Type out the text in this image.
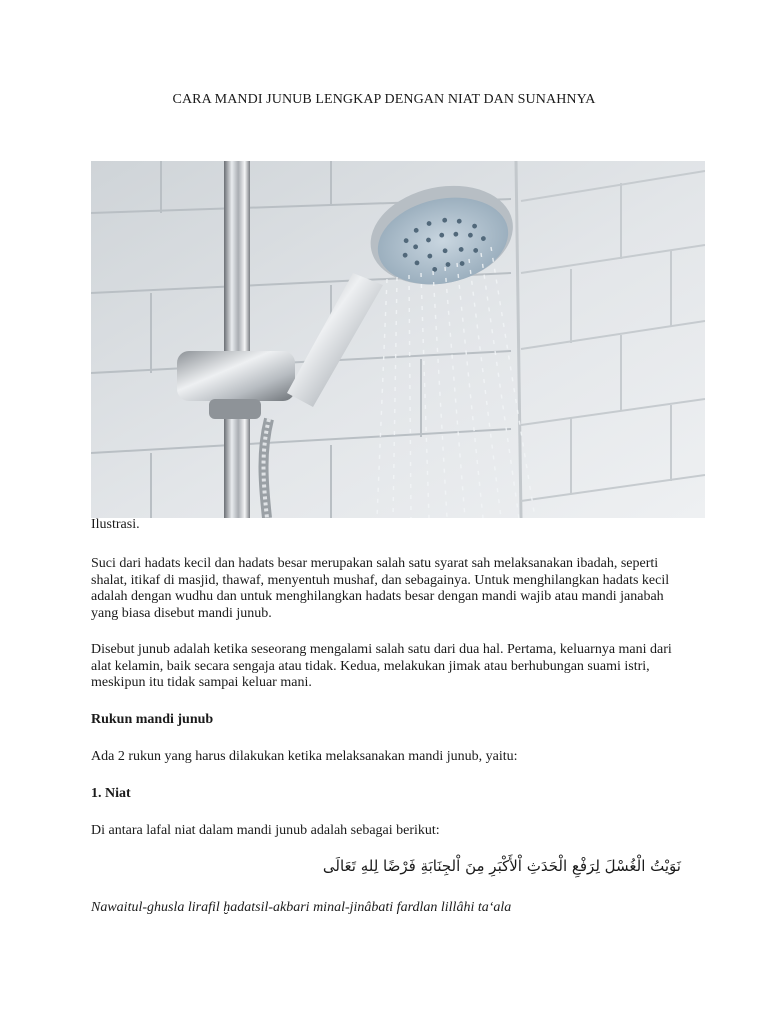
CARA MANDI JUNUB LENGKAP DENGAN NIAT DAN SUNAHNYA

Ilustrasi.

Suci dari hadats kecil dan hadats besar merupakan salah satu syarat sah melaksanakan ibadah, seperti shalat, itikaf di masjid, thawaf, menyentuh mushaf, dan sebagainya. Untuk menghilangkan hadats kecil adalah dengan wudhu dan untuk menghilangkan hadats besar dengan mandi wajib atau mandi janabah yang biasa disebut mandi junub.

Disebut junub adalah ketika seseorang mengalami salah satu dari dua hal. Pertama, keluarnya mani dari alat kelamin, baik secara sengaja atau tidak. Kedua, melakukan jimak atau berhubungan suami istri, meskipun itu tidak sampai keluar mani.

Rukun mandi junub

Ada 2 rukun yang harus dilakukan ketika melaksanakan mandi junub, yaitu:

1. Niat

Di antara lafal niat dalam mandi junub adalah sebagai berikut:

نَوَيْتُ الْغُسْلَ لِرَفْعِ الْحَدَثِ اْلأَكْبَرِ مِنَ اْلجِنَابَةِ فَرْضًا لِلهِ تَعَالَى

Nawaitul-ghusla lirafil ḫadatsil-akbari minal-jinâbati fardlan lillâhi ta‘ala
